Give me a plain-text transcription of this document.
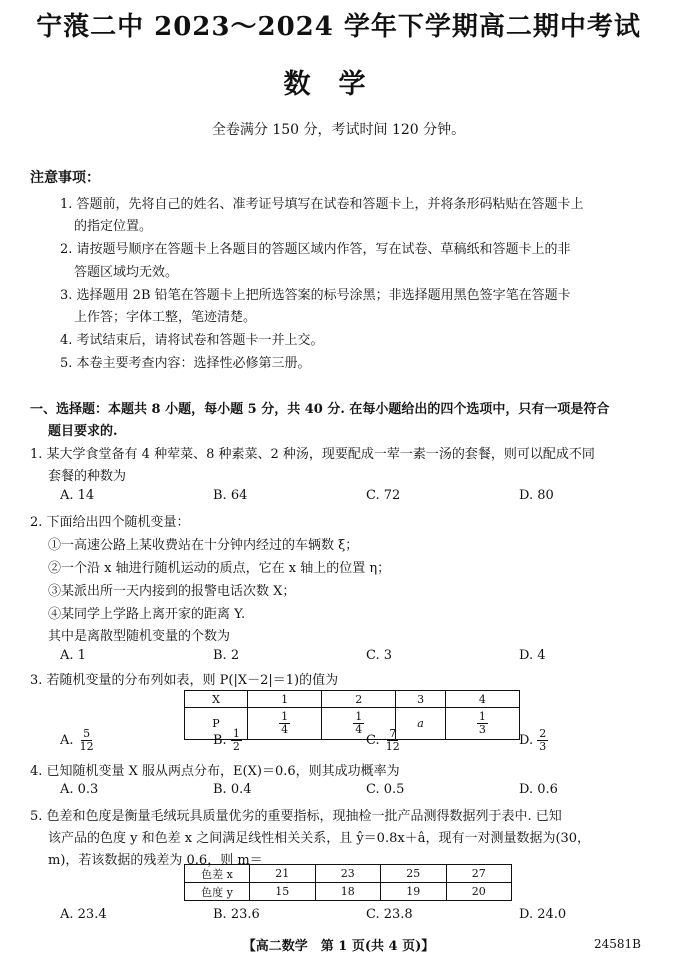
宁蒗二中 2023～2024 学年下学期高二期中考试
数学
全卷满分 150 分，考试时间 120 分钟。
注意事项：
1. 答题前，先将自己的姓名、准考证号填写在试卷和答题卡上，并将条形码粘贴在答题卡上
的指定位置。
2. 请按题号顺序在答题卡上各题目的答题区域内作答，写在试卷、草稿纸和答题卡上的非
答题区域均无效。
3. 选择题用 2B 铅笔在答题卡上把所选答案的标号涂黑；非选择题用黑色签字笔在答题卡
上作答；字体工整，笔迹清楚。
4. 考试结束后，请将试卷和答题卡一并上交。
5. 本卷主要考查内容：选择性必修第三册。
一、选择题：本题共 8 小题，每小题 5 分，共 40 分. 在每小题给出的四个选项中，只有一项是符合
题目要求的.
1. 某大学食堂备有 4 种荤菜、8 种素菜、2 种汤，现要配成一荤一素一汤的套餐，则可以配成不同
套餐的种数为
A. 14	B. 64	C. 72	D. 80
2. 下面给出四个随机变量：
①一高速公路上某收费站在十分钟内经过的车辆数 ξ；
②一个沿 x 轴进行随机运动的质点，它在 x 轴上的位置 η；
③某派出所一天内接到的报警电话次数 X；
④某同学上学路上离开家的距离 Y.
其中是离散型随机变量的个数为
A. 1	B. 2	C. 3	D. 4
3. 若随机变量的分布列如表，则 P(|X－2|＝1)的值为
X	1	2	3	4
P	$\frac{1}{4}$	$\frac{1}{4}$	a	$\frac{1}{3}$
A. $\frac{5}{12}$	B. $\frac{1}{2}$	C. $\frac{7}{12}$	D. $\frac{2}{3}$
4. 已知随机变量 X 服从两点分布，E(X)＝0.6，则其成功概率为
A. 0.3	B. 0.4	C. 0.5	D. 0.6
5. 色差和色度是衡量毛绒玩具质量优劣的重要指标，现抽检一批产品测得数据列于表中. 已知
该产品的色度 y 和色差 x 之间满足线性相关关系，且 ŷ＝0.8x＋â，现有一对测量数据为(30，
m)，若该数据的残差为 0.6，则 m＝
色差 x	21	23	25	27
色度 y	15	18	19	20
A. 23.4	B. 23.6	C. 23.8	D. 24.0
【高二数学　第 1 页(共 4 页)】	24581B
